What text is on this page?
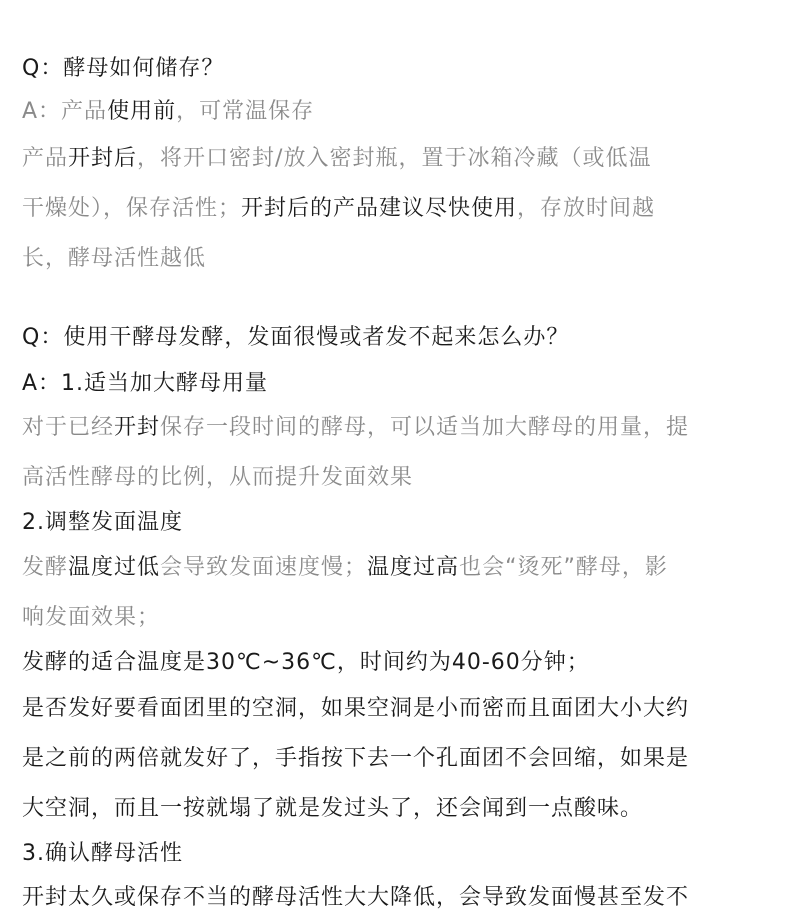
Q：酵母如何储存？
A：产品使用前，可常温保存
产品开封后，将开口密封/放入密封瓶，置于冰箱冷藏（或低温
干燥处），保存活性；开封后的产品建议尽快使用，存放时间越
长，酵母活性越低
Q：使用干酵母发酵，发面很慢或者发不起来怎么办？
A：1.适当加大酵母用量
对于已经开封保存一段时间的酵母，可以适当加大酵母的用量，提
高活性酵母的比例，从而提升发面效果
2.调整发面温度
发酵温度过低会导致发面速度慢；温度过高也会“烫死”酵母，影
响发面效果；
发酵的适合温度是30℃~36℃，时间约为40-60分钟；
是否发好要看面团里的空洞，如果空洞是小而密而且面团大小大约
是之前的两倍就发好了，手指按下去一个孔面团不会回缩，如果是
大空洞，而且一按就塌了就是发过头了，还会闻到一点酸味。
3.确认酵母活性
开封太久或保存不当的酵母活性大大降低，会导致发面慢甚至发不
